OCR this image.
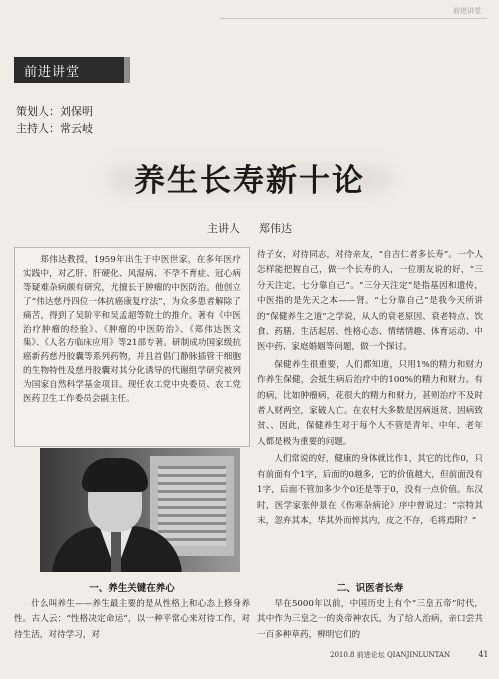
前进讲堂
前进讲堂
策划人： 刘保明
主持人： 常云岐
养生长寿新十论
主讲人 郑伟达
郑伟达教授，1959年出生于中医世家，在多年医疗实践中，对乙肝、肝硬化、风湿病、不孕不育症、冠心病等疑难杂病颇有研究，尤擅长于肿瘤的中医防治。他创立了“伟达慈丹四位一体抗癌康复疗法”，为众多患者解除了痛苦，得到了吴阶平和吴孟超等院士的推介。著有《中医治疗肿瘤的经验》、《肿瘤的中医防治》、《郑伟达医文集》、《人名方临床应用》等21部专著。研制成功国家级抗癌新药慈丹胶囊等系列药物，并且首倡门静脉插管干细胞的生物特性及慈丹胶囊对其分化诱导的代谢组学研究被列为国家自然科学基金项目。现任农工党中央委员、农工党医药卫生工作委员会副主任。
一、养生关键在养心

什么叫养生——养生最主要的是从性格上和心态上修身养性。古人云：“性格决定命运”，以一种平常心来对待工作，对待生活，对待学习，对

待子女，对待同志，对待亲友，“自吉仁者多长寿”。一个人怎样能把握自己，做一个长寿的人，一位朋友说的好，“三分天注定，七分靠自己”。“三分天注定”是指基因和遗传，中医指的是先天之本——肾。“七分靠自己”是我今天所讲的“保健养生之道”之学说，从人的衰老原因、衰老特点、饮食、药膳、生活起居、性格心态、情绪情趣、体育运动、中医中药、家庭婚姻等问题，做一个探讨。

保健养生很重要，人们都知道，只用1%的精力和财力作养生保健，会抵生病后治疗中的100%的精力和财力。有的病，比如肿瘤病，花很大的精力和财力，甚则治疗不及时者人财两空，家破人亡。在农村大多数是因病返贫、因病致贫、、因此，保健养生对于每个人不管是青年、中年、老年人都是极为重要的问题。

人们常说的好，健康的身体就比作1，其它的比作0，只有前面有个1字，后面的0越多，它的价值越大，但前面没有1字，后面不管加多少个0还是等于0，没有一点价值。东汉时，医学家张仲景在《伤寒杂病论》序中曾说过：“宗特其末，忽弃其本，华其外而悴其内，皮之不存，毛将焉附？”

二、识医者长寿

早在5000年以前，中国历史上有个“三皇五帝”时代，其中作为三皇之一的炎帝神农氏，为了给人治病，亲口尝共一百多种草药，辨明它们的

2010.8 前进论坛 QIANJINLUNTAN	41
